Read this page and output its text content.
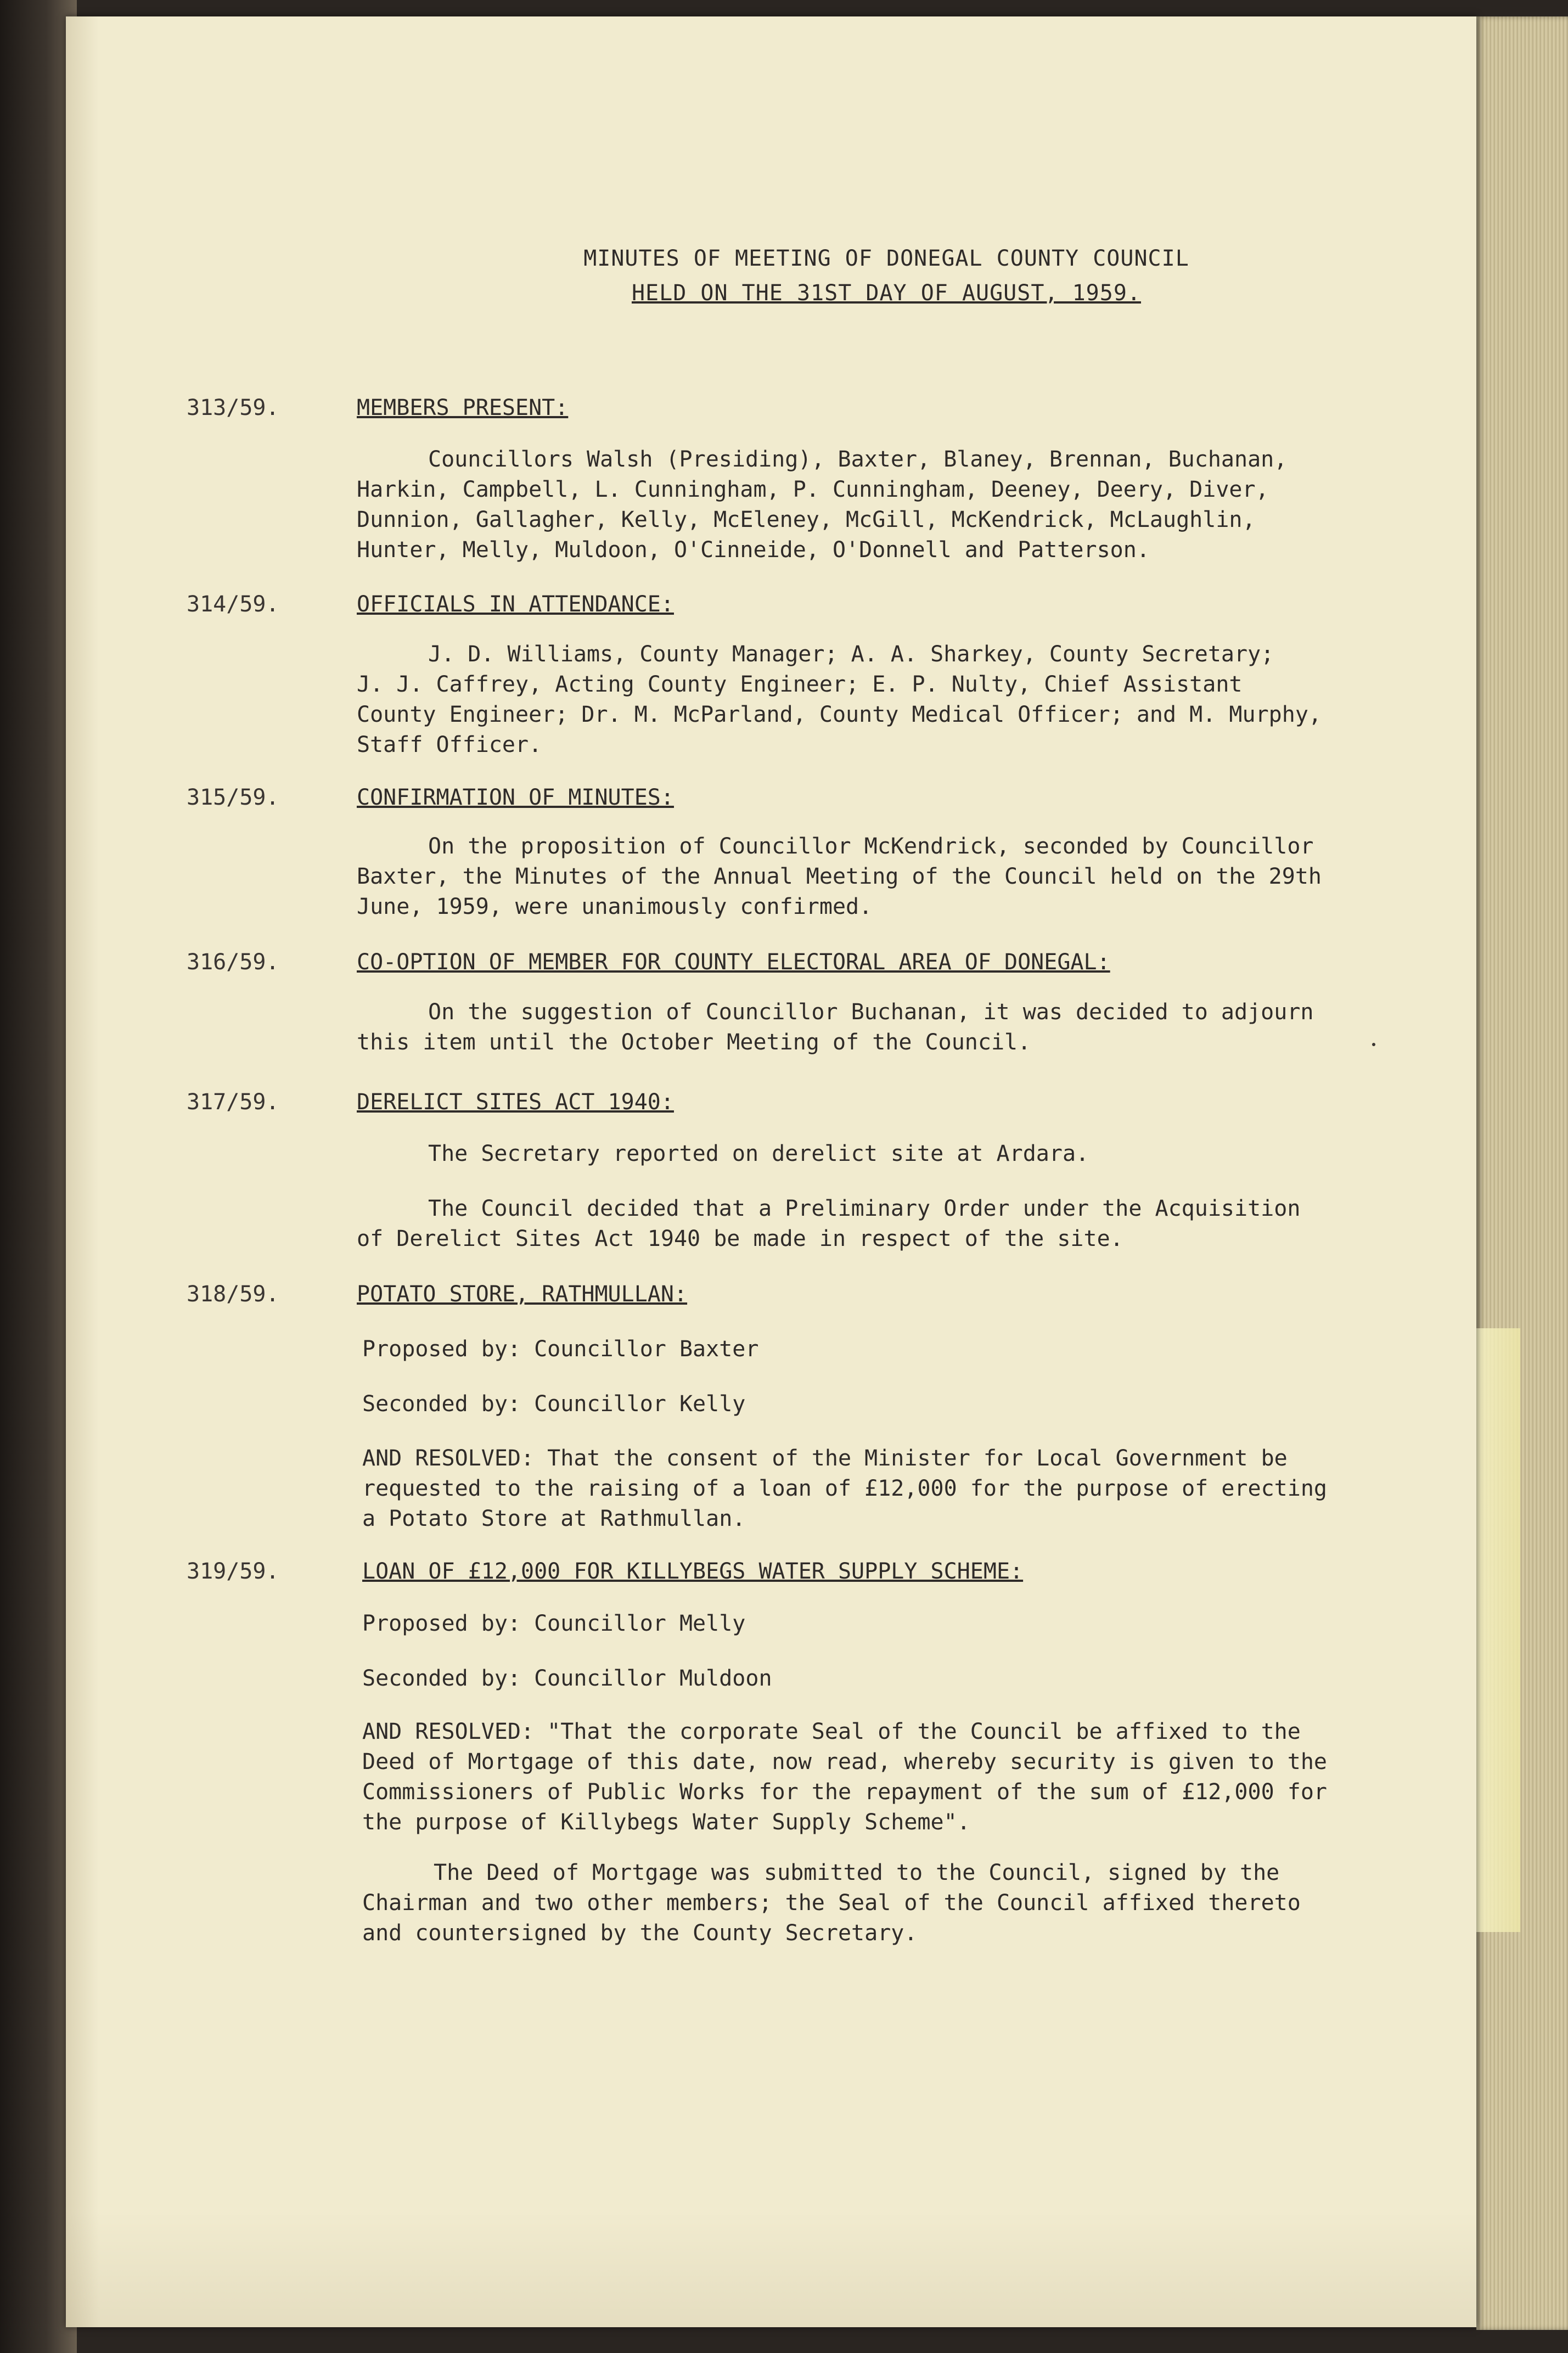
MINUTES OF MEETING OF DONEGAL COUNTY COUNCIL
HELD ON THE 31ST DAY OF AUGUST, 1959.
313/59.	MEMBERS PRESENT:

Councillors Walsh (Presiding), Baxter, Blaney, Brennan, Buchanan,
Harkin, Campbell, L. Cunningham, P. Cunningham, Deeney, Deery, Diver,
Dunnion, Gallagher, Kelly, McEleney, McGill, McKendrick, McLaughlin,
Hunter, Melly, Muldoon, O'Cinneide, O'Donnell and Patterson.

314/59.	OFFICIALS IN ATTENDANCE:

J. D. Williams, County Manager; A. A. Sharkey, County Secretary;
J. J. Caffrey, Acting County Engineer; E. P. Nulty, Chief Assistant
County Engineer; Dr. M. McParland, County Medical Officer; and M. Murphy,
Staff Officer.

315/59.	CONFIRMATION OF MINUTES:

On the proposition of Councillor McKendrick, seconded by Councillor
Baxter, the Minutes of the Annual Meeting of the Council held on the 29th
June, 1959, were unanimously confirmed.

316/59.	CO-OPTION OF MEMBER FOR COUNTY ELECTORAL AREA OF DONEGAL:

On the suggestion of Councillor Buchanan, it was decided to adjourn
this item until the October Meeting of the Council.

317/59.	DERELICT SITES ACT 1940:

The Secretary reported on derelict site at Ardara.

The Council decided that a Preliminary Order under the Acquisition
of Derelict Sites Act 1940 be made in respect of the site.

318/59.	POTATO STORE, RATHMULLAN:
Proposed by: Councillor Baxter
Seconded by: Councillor Kelly

AND RESOLVED: That the consent of the Minister for Local Government be
requested to the raising of a loan of £12,000 for the purpose of erecting
a Potato Store at Rathmullan.

319/59.	LOAN OF £12,000 FOR KILLYBEGS WATER SUPPLY SCHEME:
Proposed by: Councillor Melly
Seconded by: Councillor Muldoon

AND RESOLVED: "That the corporate Seal of the Council be affixed to the
Deed of Mortgage of this date, now read, whereby security is given to the
Commissioners of Public Works for the repayment of the sum of £12,000 for
the purpose of Killybegs Water Supply Scheme".

The Deed of Mortgage was submitted to the Council, signed by the
Chairman and two other members; the Seal of the Council affixed thereto
and countersigned by the County Secretary.
